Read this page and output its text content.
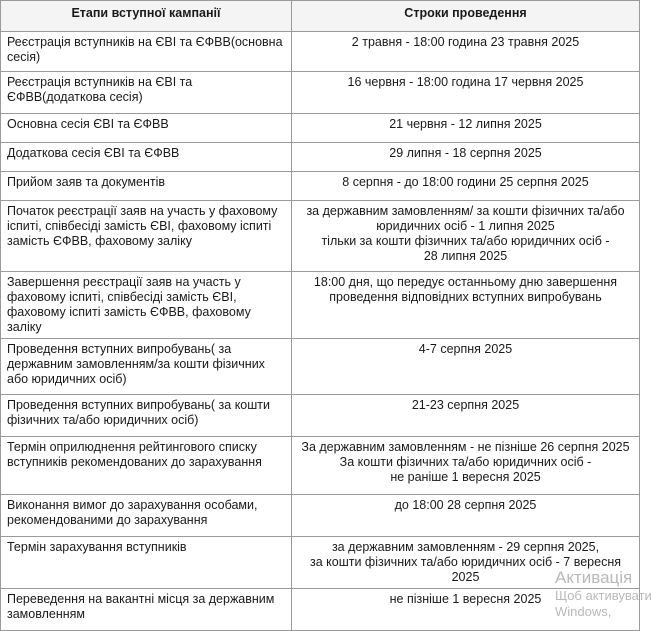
Етапи вступної кампанії	Строки проведення
Реєстрація вступників на ЄВІ та ЄФВВ(основна сесія)	2 травня - 18:00 година 23 травня 2025

Реєстрація вступників на ЄВІ та ЄФВВ(додаткова сесія)	16 червня - 18:00 година 17 червня 2025

Основна сесія ЄВІ та ЄФВВ	21 червня - 12 липня 2025

Додаткова сесія ЄВІ та ЄФВВ	29 липня - 18 серпня 2025

Прийом заяв та документів	8 серпня - до 18:00 години 25 серпня 2025

Початок реєстрації заяв на участь у фаховому іспиті, співбесіді замість ЄВІ, фаховому іспиті замість ЄФВВ, фаховому заліку	за державним замовленням/ за кошти фізичних та/або
юридичних осіб - 1 липня 2025
тільки за кошти фізичних та/або юридичних осіб -
28 липня 2025

Завершення реєстрації заяв на участь у фаховому іспиті, співбесіді замість ЄВІ, фаховому іспиті замість ЄФВВ, фаховому заліку	18:00 дня, що передує останньому дню завершення
проведення відповідних вступних випробувань

Проведення вступних випробувань( за державним замовленням/за кошти фізичних або юридичних осіб)	4-7 серпня 2025

Проведення вступних випробувань( за кошти фізичних та/або юридичних осіб)	21-23 серпня 2025

Термін оприлюднення рейтингового списку вступників рекомендованих до зарахування	За державним замовленням - не пізніше 26 серпня 2025
За кошти фізичних та/або юридичних осіб -
не раніше 1 вересня 2025

Виконання вимог до зарахування особами, рекомендованими до зарахування	до 18:00 28 серпня 2025

Термін зарахування вступників	за державним замовленням - 29 серпня 2025,
за кошти фізичних та/або юридичних осіб - 7 вересня 2025

Переведення на вакантні місця за державним замовленням	не пізніше 1 вересня 2025
Активація
Щоб активувати
Windows,
